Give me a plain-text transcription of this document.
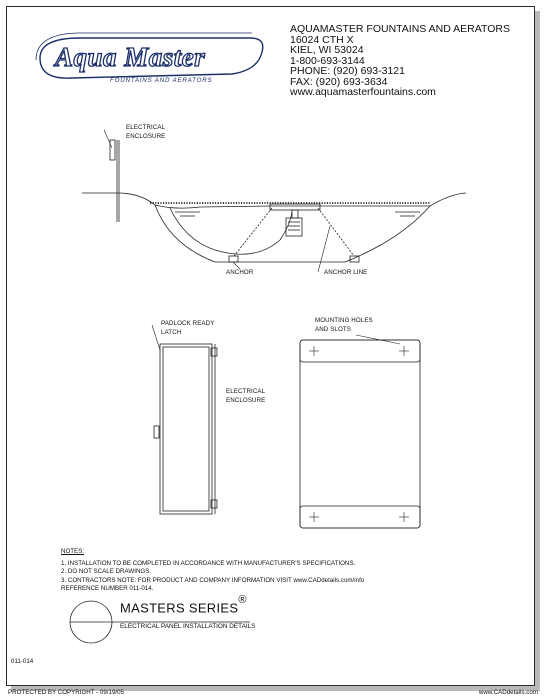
Aqua Master
FOUNTAINS AND AERATORS
AQUAMASTER FOUNTAINS AND AERATORS
16024 CTH X
KIEL, WI 53024
1-800-693-3144
PHONE: (920) 693-3121
FAX: (920) 693-3634
www.aquamasterfountains.com
ELECTRICAL
ENCLOSURE
ANCHOR	ANCHOR LINE
PADLOCK READY
LATCH
ELECTRICAL
ENCLOSURE
MOUNTING HOLES
AND SLOTS
NOTES:
1. INSTALLATION TO BE COMPLETED IN ACCORDANCE WITH MANUFACTURER'S SPECIFICATIONS.
2. DO NOT SCALE DRAWINGS.
3. CONTRACTORS NOTE: FOR PRODUCT AND COMPANY INFORMATION VISIT www.CADdetails.com/info
REFERENCE NUMBER 011-014.
MASTERS SERIES®
ELECTRICAL PANEL INSTALLATION DETAILS
011-014
PROTECTED BY COPYRIGHT - 09/19/05	www.CADdetails.com
